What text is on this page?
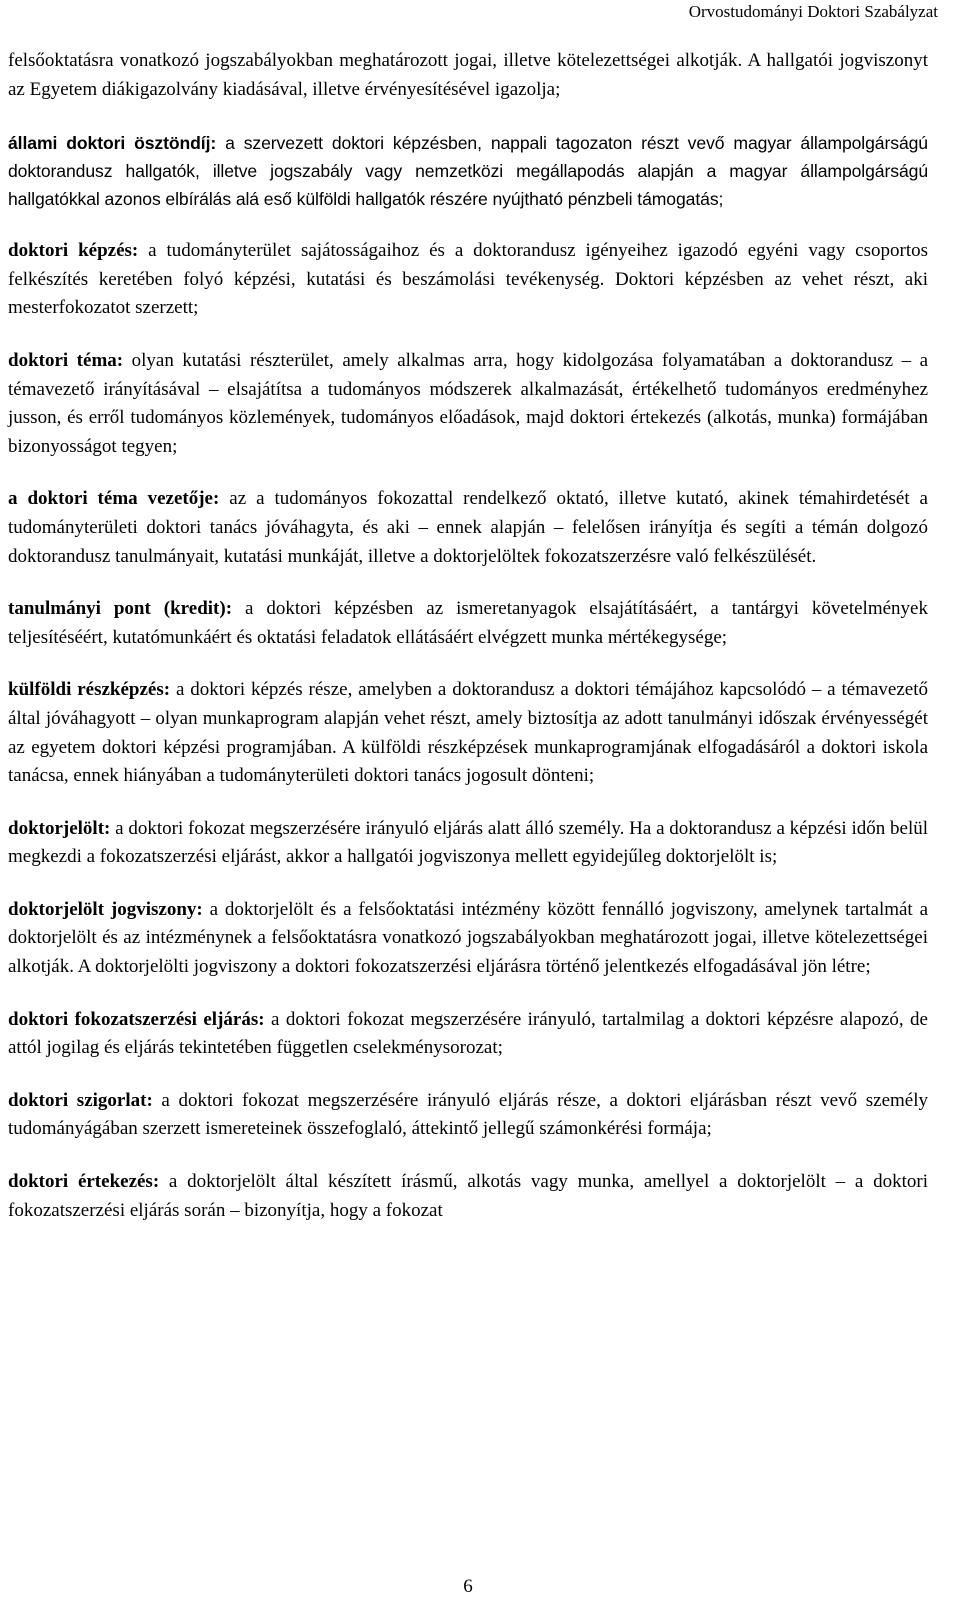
Orvostudományi Doktori Szabályzat

felsőoktatásra vonatkozó jogszabályokban meghatározott jogai, illetve kötelezettségei alkotják. A hallgatói jogviszonyt az Egyetem diákigazolvány kiadásával, illetve érvényesítésével igazolja;

állami doktori ösztöndíj: a szervezett doktori képzésben, nappali tagozaton részt vevő magyar állampolgárságú doktorandusz hallgatók, illetve jogszabály vagy nemzetközi megállapodás alapján a magyar állampolgárságú hallgatókkal azonos elbírálás alá eső külföldi hallgatók részére nyújtható pénzbeli támogatás;

doktori képzés: a tudományterület sajátosságaihoz és a doktorandusz igényeihez igazodó egyéni vagy csoportos felkészítés keretében folyó képzési, kutatási és beszámolási tevékenység. Doktori képzésben az vehet részt, aki mesterfokozatot szerzett;

doktori téma: olyan kutatási részterület, amely alkalmas arra, hogy kidolgozása folyamatában a doktorandusz – a témavezető irányításával – elsajátítsa a tudományos módszerek alkalmazását, értékelhető tudományos eredményhez jusson, és erről tudományos közlemények, tudományos előadások, majd doktori értekezés (alkotás, munka) formájában bizonyosságot tegyen;

a doktori téma vezetője: az a tudományos fokozattal rendelkező oktató, illetve kutató, akinek témahirdetését a tudományterületi doktori tanács jóváhagyta, és aki – ennek alapján – felelősen irányítja és segíti a témán dolgozó doktorandusz tanulmányait, kutatási munkáját, illetve a doktorjelöltek fokozatszerzésre való felkészülését.

tanulmányi pont (kredit): a doktori képzésben az ismeretanyagok elsajátításáért, a tantárgyi követelmények teljesítéséért, kutatómunkáért és oktatási feladatok ellátásáért elvégzett munka mértékegysége;

külföldi részképzés: a doktori képzés része, amelyben a doktorandusz a doktori témájához kapcsolódó – a témavezető által jóváhagyott – olyan munkaprogram alapján vehet részt, amely biztosítja az adott tanulmányi időszak érvényességét az egyetem doktori képzési programjában. A külföldi részképzések munkaprogramjának elfogadásáról a doktori iskola tanácsa, ennek hiányában a tudományterületi doktori tanács jogosult dönteni;

doktorjelölt: a doktori fokozat megszerzésére irányuló eljárás alatt álló személy. Ha a doktorandusz a képzési időn belül megkezdi a fokozatszerzési eljárást, akkor a hallgatói jogviszonya mellett egyidejűleg doktorjelölt is;

doktorjelölt jogviszony: a doktorjelölt és a felsőoktatási intézmény között fennálló jogviszony, amelynek tartalmát a doktorjelölt és az intézménynek a felsőoktatásra vonatkozó jogszabályokban meghatározott jogai, illetve kötelezettségei alkotják. A doktorjelölti jogviszony a doktori fokozatszerzési eljárásra történő jelentkezés elfogadásával jön létre;

doktori fokozatszerzési eljárás: a doktori fokozat megszerzésére irányuló, tartalmilag a doktori képzésre alapozó, de attól jogilag és eljárás tekintetében független cselekménysorozat;

doktori szigorlat: a doktori fokozat megszerzésére irányuló eljárás része, a doktori eljárásban részt vevő személy tudományágában szerzett ismereteinek összefoglaló, áttekintő jellegű számonkérési formája;

doktori értekezés: a doktorjelölt által készített írásmű, alkotás vagy munka, amellyel a doktorjelölt – a doktori fokozatszerzési eljárás során – bizonyítja, hogy a fokozat

6
